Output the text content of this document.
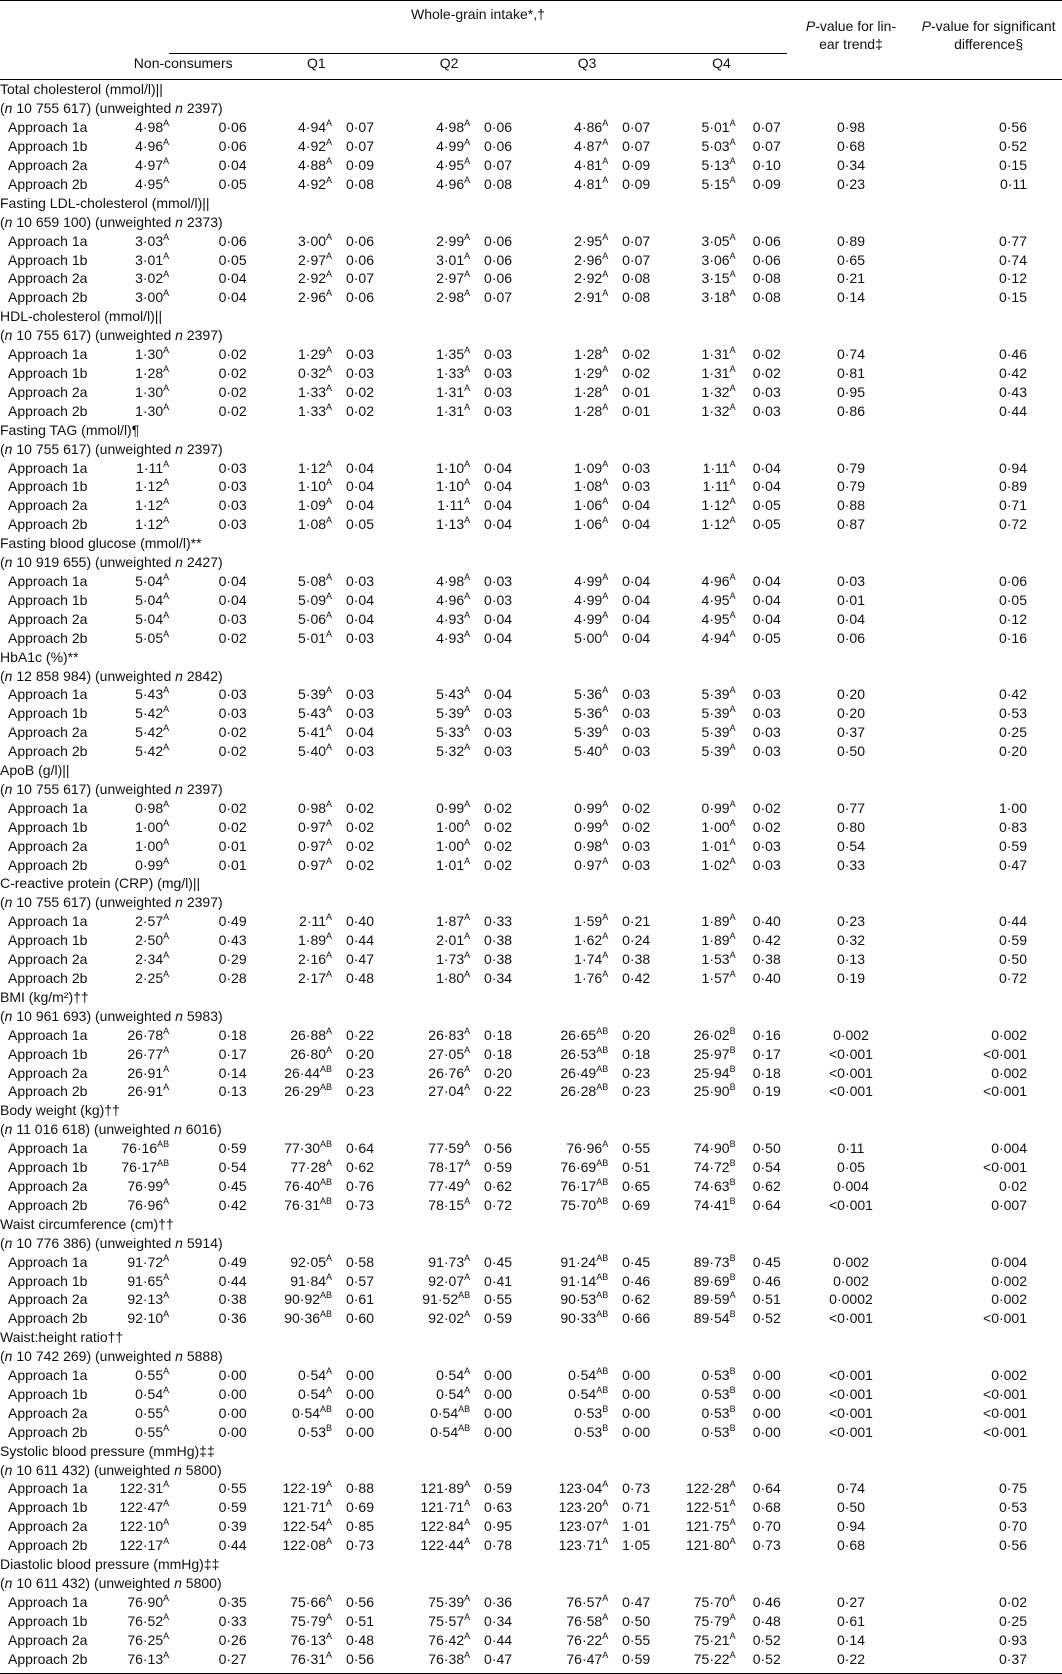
	Whole-grain intake*,†										P-value for lin-
ear trend‡	P-value for significant
difference§

Non-consumers			Q1		Q2		Q3		Q4			

Total cholesterol (mmol/l)||												
(n 10 755 617) (unweighted n 2397)												

Approach 1a $4\cdot 98^A$		0·06	$4\cdot 94^A$	0·07	$4\cdot 98^A$	0·06	$4\cdot 86^A$	0·07	$5\cdot 01^A$	0·07	0·98	0·56

Approach 1b $4\cdot 96^A$		0·06	$4\cdot 92^A$	0·07	$4\cdot 99^A$	0·06	$4\cdot 87^A$	0·07	$5\cdot 03^A$	0·07	0·68	0·52

Approach 2a $4\cdot 97^A$		0·04	$4\cdot 88^A$	0·09	$4\cdot 95^A$	0·07	$4\cdot 81^A$	0·09	$5\cdot 13^A$	0·10	0·34	0·15

Approach 2b $4\cdot 95^A$		0·05	$4\cdot 92^A$	0·08	$4\cdot 96^A$	0·08	$4\cdot 81^A$	0·09	$5\cdot 15^A$	0·09	0·23	0·11
Fasting LDL-cholesterol (mmol/l)||												
(n 10 659 100) (unweighted n 2373)												

Approach 1a $3\cdot 03^A$		0·06	$3\cdot 00^A$	0·06	$2\cdot 99^A$	0·06	$2\cdot 95^A$	0·07	$3\cdot 05^A$	0·06	0·89	0·77

Approach 1b $3\cdot 01^A$		0·05	$2\cdot 97^A$	0·06	$3\cdot 01^A$	0·06	$2\cdot 96^A$	0·07	$3\cdot 06^A$	0·06	0·65	0·74

Approach 2a $3\cdot 02^A$		0·04	$2\cdot 92^A$	0·07	$2\cdot 97^A$	0·06	$2\cdot 92^A$	0·08	$3\cdot 15^A$	0·08	0·21	0·12

Approach 2b $3\cdot 00^A$		0·04	$2\cdot 96^A$	0·06	$2\cdot 98^A$	0·07	$2\cdot 91^A$	0·08	$3\cdot 18^A$	0·08	0·14	0·15
HDL-cholesterol (mmol/l)||												
(n 10 755 617) (unweighted n 2397)												

Approach 1a $1\cdot 30^A$		0·02	$1\cdot 29^A$	0·03	$1\cdot 35^A$	0·03	$1\cdot 28^A$	0·02	$1\cdot 31^A$	0·02	0·74	0·46

Approach 1b $1\cdot 28^A$		0·02	$0\cdot 32^A$	0·03	$1\cdot 33^A$	0·03	$1\cdot 29^A$	0·02	$1\cdot 31^A$	0·02	0·81	0·42

Approach 2a $1\cdot 30^A$		0·02	$1\cdot 33^A$	0·02	$1\cdot 31^A$	0·03	$1\cdot 28^A$	0·01	$1\cdot 32^A$	0·03	0·95	0·43

Approach 2b $1\cdot 30^A$		0·02	$1\cdot 33^A$	0·02	$1\cdot 31^A$	0·03	$1\cdot 28^A$	0·01	$1\cdot 32^A$	0·03	0·86	0·44
Fasting TAG (mmol/l)¶												
(n 10 755 617) (unweighted n 2397)												

Approach 1a $1\cdot 11^A$		0·03	$1\cdot 12^A$	0·04	$1\cdot 10^A$	0·04	$1\cdot 09^A$	0·03	$1\cdot 11^A$	0·04	0·79	0·94

Approach 1b $1\cdot 12^A$		0·03	$1\cdot 10^A$	0·04	$1\cdot 10^A$	0·04	$1\cdot 08^A$	0·03	$1\cdot 11^A$	0·04	0·79	0·89

Approach 2a $1\cdot 12^A$		0·03	$1\cdot 09^A$	0·04	$1\cdot 11^A$	0·04	$1\cdot 06^A$	0·04	$1\cdot 12^A$	0·05	0·88	0·71

Approach 2b $1\cdot 12^A$		0·03	$1\cdot 08^A$	0·05	$1\cdot 13^A$	0·04	$1\cdot 06^A$	0·04	$1\cdot 12^A$	0·05	0·87	0·72
Fasting blood glucose (mmol/l)**												
(n 10 919 655) (unweighted n 2427)												

Approach 1a $5\cdot 04^A$		0·04	$5\cdot 08^A$	0·03	$4\cdot 98^A$	0·03	$4\cdot 99^A$	0·04	$4\cdot 96^A$	0·04	0·03	0·06

Approach 1b $5\cdot 04^A$		0·04	$5\cdot 09^A$	0·04	$4\cdot 96^A$	0·03	$4\cdot 99^A$	0·04	$4\cdot 95^A$	0·04	0·01	0·05

Approach 2a $5\cdot 04^A$		0·03	$5\cdot 06^A$	0·04	$4\cdot 93^A$	0·04	$4\cdot 99^A$	0·04	$4\cdot 95^A$	0·04	0·04	0·12

Approach 2b $5\cdot 05^A$		0·02	$5\cdot 01^A$	0·03	$4\cdot 93^A$	0·04	$5\cdot 00^A$	0·04	$4\cdot 94^A$	0·05	0·06	0·16
HbA1c (%)**												
(n 12 858 984) (unweighted n 2842)												

Approach 1a $5\cdot 43^A$		0·03	$5\cdot 39^A$	0·03	$5\cdot 43^A$	0·04	$5\cdot 36^A$	0·03	$5\cdot 39^A$	0·03	0·20	0·42

Approach 1b $5\cdot 42^A$		0·03	$5\cdot 43^A$	0·03	$5\cdot 39^A$	0·03	$5\cdot 36^A$	0·03	$5\cdot 39^A$	0·03	0·20	0·53

Approach 2a $5\cdot 42^A$		0·02	$5\cdot 41^A$	0·04	$5\cdot 33^A$	0·03	$5\cdot 39^A$	0·03	$5\cdot 39^A$	0·03	0·37	0·25

Approach 2b $5\cdot 42^A$		0·02	$5\cdot 40^A$	0·03	$5\cdot 32^A$	0·03	$5\cdot 40^A$	0·03	$5\cdot 39^A$	0·03	0·50	0·20
ApoB (g/l)||												
(n 10 755 617) (unweighted n 2397)												

Approach 1a $0\cdot 98^A$		0·02	$0\cdot 98^A$	0·02	$0\cdot 99^A$	0·02	$0\cdot 99^A$	0·02	$0\cdot 99^A$	0·02	0·77	1·00

Approach 1b $1\cdot 00^A$		0·02	$0\cdot 97^A$	0·02	$1\cdot 00^A$	0·02	$0\cdot 99^A$	0·02	$1\cdot 00^A$	0·02	0·80	0·83

Approach 2a $1\cdot 00^A$		0·01	$0\cdot 97^A$	0·02	$1\cdot 00^A$	0·02	$0\cdot 98^A$	0·03	$1\cdot 01^A$	0·03	0·54	0·59

Approach 2b $0\cdot 99^A$		0·01	$0\cdot 97^A$	0·02	$1\cdot 01^A$	0·02	$0\cdot 97^A$	0·03	$1\cdot 02^A$	0·03	0·33	0·47
C-reactive protein (CRP) (mg/l)||												
(n 10 755 617) (unweighted n 2397)												

Approach 1a $2\cdot 57^A$		0·49	$2\cdot 11^A$	0·40	$1\cdot 87^A$	0·33	$1\cdot 59^A$	0·21	$1\cdot 89^A$	0·40	0·23	0·44

Approach 1b $2\cdot 50^A$		0·43	$1\cdot 89^A$	0·44	$2\cdot 01^A$	0·38	$1\cdot 62^A$	0·24	$1\cdot 89^A$	0·42	0·32	0·59

Approach 2a $2\cdot 34^A$		0·29	$2\cdot 16^A$	0·47	$1\cdot 73^A$	0·38	$1\cdot 74^A$	0·38	$1\cdot 53^A$	0·38	0·13	0·50

Approach 2b $2\cdot 25^A$		0·28	$2\cdot 17^A$	0·48	$1\cdot 80^A$	0·34	$1\cdot 76^A$	0·42	$1\cdot 57^A$	0·40	0·19	0·72
BMI (kg/m²)††												
(n 10 961 693) (unweighted n 5983)												

Approach 1a $26\cdot 78^A$		0·18	$26\cdot 88^A$	0·22	$26\cdot 83^A$	0·18	$26\cdot 65^{AB}$	0·20	$26\cdot 02^B$	0·16	0·002	0·002

Approach 1b $26\cdot 77^A$		0·17	$26\cdot 80^A$	0·20	$27\cdot 05^A$	0·18	$26\cdot 53^{AB}$	0·18	$25\cdot 97^B$	0·17	<0·001	<0·001

Approach 2a $26\cdot 91^A$		0·14	$26\cdot 44^{AB}$	0·23	$26\cdot 76^A$	0·20	$26\cdot 49^{AB}$	0·23	$25\cdot 94^B$	0·18	<0·001	0·002

Approach 2b $26\cdot 91^A$		0·13	$26\cdot 29^{AB}$	0·23	$27\cdot 04^A$	0·22	$26\cdot 28^{AB}$	0·23	$25\cdot 90^B$	0·19	<0·001	<0·001
Body weight (kg)††												
(n 11 016 618) (unweighted n 6016)												

Approach 1a $76\cdot 16^{AB}$		0·59	$77\cdot 30^{AB}$	0·64	$77\cdot 59^A$	0·56	$76\cdot 96^A$	0·55	$74\cdot 90^B$	0·50	0·11	0·004

Approach 1b $76\cdot 17^{AB}$		0·54	$77\cdot 28^A$	0·62	$78\cdot 17^A$	0·59	$76\cdot 69^{AB}$	0·51	$74\cdot 72^B$	0·54	0·05	<0·001

Approach 2a $76\cdot 99^A$		0·45	$76\cdot 40^{AB}$	0·76	$77\cdot 49^A$	0·62	$76\cdot 17^{AB}$	0·65	$74\cdot 63^B$	0·62	0·004	0·02

Approach 2b $76\cdot 96^A$		0·42	$76\cdot 31^{AB}$	0·73	$78\cdot 15^A$	0·72	$75\cdot 70^{AB}$	0·69	$74\cdot 41^B$	0·64	<0·001	0·007
Waist circumference (cm)††												
(n 10 776 386) (unweighted n 5914)												

Approach 1a $91\cdot 72^A$		0·49	$92\cdot 05^A$	0·58	$91\cdot 73^A$	0·45	$91\cdot 24^{AB}$	0·45	$89\cdot 73^B$	0·45	0·002	0·004

Approach 1b $91\cdot 65^A$		0·44	$91\cdot 84^A$	0·57	$92\cdot 07^A$	0·41	$91\cdot 14^{AB}$	0·46	$89\cdot 69^B$	0·46	0·002	0·002

Approach 2a $92\cdot 13^A$		0·38	$90\cdot 92^{AB}$	0·61	$91\cdot 52^{AB}$	0·55	$90\cdot 53^{AB}$	0·62	$89\cdot 59^A$	0·51	0·0002	0·002

Approach 2b $92\cdot 10^A$		0·36	$90\cdot 36^{AB}$	0·60	$92\cdot 02^A$	0·59	$90\cdot 33^{AB}$	0·66	$89\cdot 54^B$	0·52	<0·001	<0·001
Waist:height ratio††												
(n 10 742 269) (unweighted n 5888)												

Approach 1a $0\cdot 55^A$		0·00	$0\cdot 54^A$	0·00	$0\cdot 54^A$	0·00	$0\cdot 54^{AB}$	0·00	$0\cdot 53^B$	0·00	<0·001	0·002

Approach 1b $0\cdot 54^A$		0·00	$0\cdot 54^A$	0·00	$0\cdot 54^A$	0·00	$0\cdot 54^{AB}$	0·00	$0\cdot 53^B$	0·00	<0·001	<0·001

Approach 2a $0\cdot 55^A$		0·00	$0\cdot 54^{AB}$	0·00	$0\cdot 54^{AB}$	0·00	$0\cdot 53^B$	0·00	$0\cdot 53^B$	0·00	<0·001	<0·001

Approach 2b $0\cdot 55^A$		0·00	$0\cdot 53^B$	0·00	$0\cdot 54^{AB}$	0·00	$0\cdot 53^B$	0·00	$0\cdot 53^B$	0·00	<0·001	<0·001
Systolic blood pressure (mmHg)‡‡												
(n 10 611 432) (unweighted n 5800)												

Approach 1a $122\cdot 31^A$		0·55	$122\cdot 19^A$	0·88	$121\cdot 89^A$	0·59	$123\cdot 04^A$	0·73	$122\cdot 28^A$	0·64	0·74	0·75

Approach 1b $122\cdot 47^A$		0·59	$121\cdot 71^A$	0·69	$121\cdot 71^A$	0·63	$123\cdot 20^A$	0·71	$122\cdot 51^A$	0·68	0·50	0·53

Approach 2a $122\cdot 10^A$		0·39	$122\cdot 54^A$	0·85	$122\cdot 84^A$	0·95	$123\cdot 07^A$	1·01	$121\cdot 75^A$	0·70	0·94	0·70

Approach 2b $122\cdot 17^A$		0·44	$122\cdot 08^A$	0·73	$122\cdot 44^A$	0·78	$123\cdot 71^A$	1·05	$121\cdot 80^A$	0·73	0·68	0·56
Diastolic blood pressure (mmHg)‡‡												
(n 10 611 432) (unweighted n 5800)												

Approach 1a $76\cdot 90^A$		0·35	$75\cdot 66^A$	0·56	$75\cdot 39^A$	0·36	$76\cdot 57^A$	0·47	$75\cdot 70^A$	0·46	0·27	0·02

Approach 1b $76\cdot 52^A$		0·33	$75\cdot 79^A$	0·51	$75\cdot 57^A$	0·34	$76\cdot 58^A$	0·50	$75\cdot 79^A$	0·48	0·61	0·25

Approach 2a $76\cdot 25^A$		0·26	$76\cdot 13^A$	0·48	$76\cdot 42^A$	0·44	$76\cdot 22^A$	0·55	$75\cdot 21^A$	0·52	0·14	0·93

Approach 2b $76\cdot 13^A$		0·27	$76\cdot 31^A$	0·56	$76\cdot 38^A$	0·47	$76\cdot 47^A$	0·59	$75\cdot 22^A$	0·52	0·22	0·37
